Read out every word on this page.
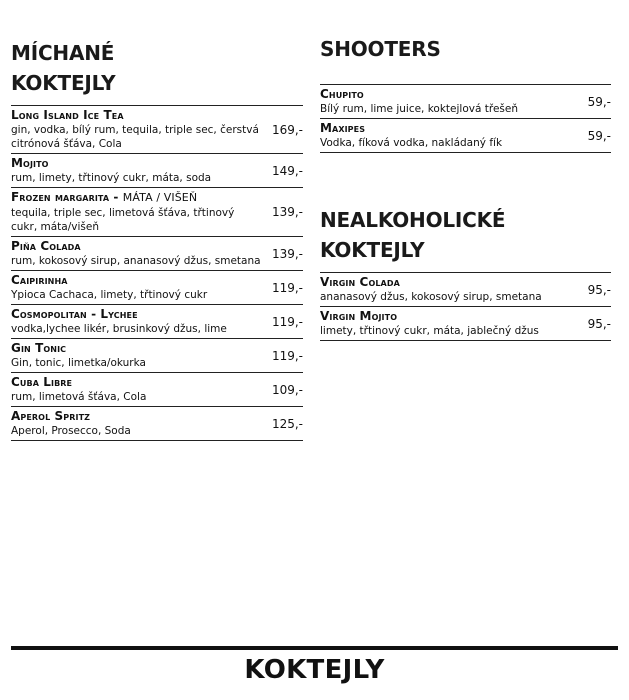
MÍCHANÉ KOKTEJLY
Long Island Ice Tea
gin, vodka, bílý rum, tequila, triple sec, čerstvá citrónová šťáva, Cola
169,-
Mojito
rum, limety, třtinový cukr, máta, soda
149,-
Frozen margarita - MÁTA / VIŠEŇ
tequila, triple sec, limetová šťáva, třtinový cukr, máta/višeň
139,-
Piňa Colada
rum, kokosový sirup, ananasový džus, smetana
139,-
Caipirinha
Ypioca Cachaca, limety, třtinový cukr
119,-
Cosmopolitan - Lychee
vodka,lychee likér, brusinkový džus, lime
119,-
Gin Tonic
Gin, tonic, limetka/okurka
119,-
Cuba Libre
rum, limetová šťáva, Cola
109,-
Aperol Spritz
Aperol, Prosecco, Soda
125,-
SHOOTERS
Chupito
Bílý rum, lime juice, koktejlová třešeň
59,-
Maxipes
Vodka, fíková vodka, nakládaný fík
59,-
NEALKOHOLICKÉ KOKTEJLY
Virgin Colada
ananasový džus, kokosový sirup, smetana
95,-
Virgin Mojito
limety, třtinový cukr, máta, jablečný džus
95,-
KOKTEJLY
